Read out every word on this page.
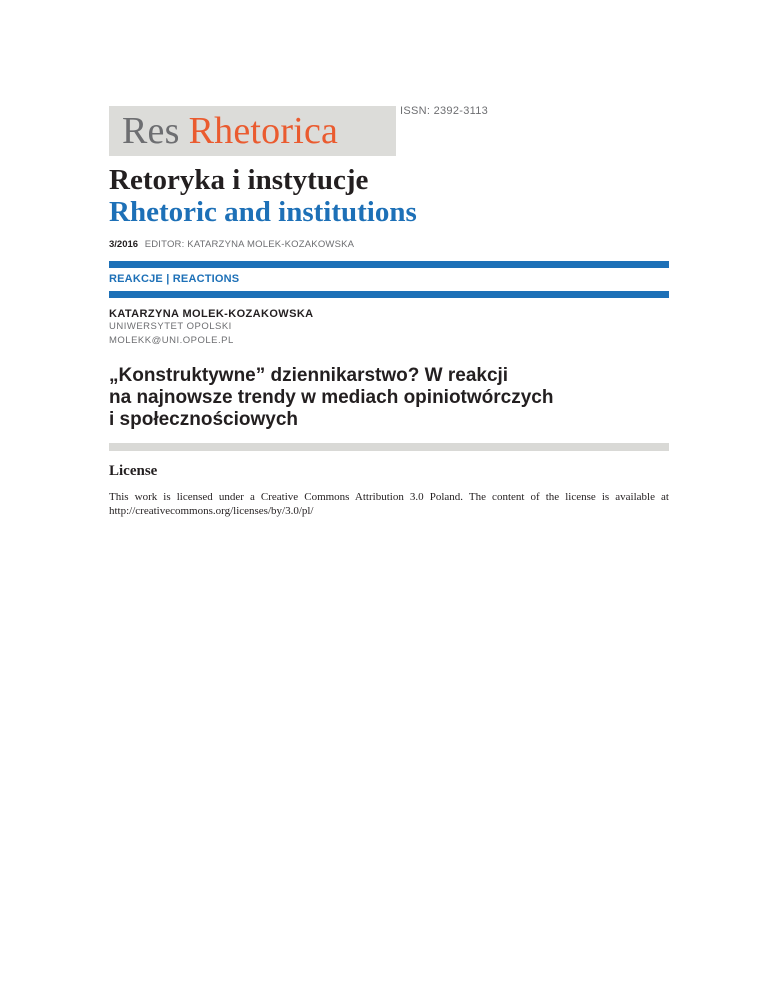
Res Rhetorica	ISSN: 2392-3113
Retoryka i instytucje
Rhetoric and institutions
3/2016 EDITOR: KATARZYNA MOLEK-KOZAKOWSKA
REAKCJE | REACTIONS
KATARZYNA MOLEK-KOZAKOWSKA
UNIWERSYTET OPOLSKI
MOLEKK@UNI.OPOLE.PL
„Konstruktywne” dziennikarstwo? W reakcji
na najnowsze trendy w mediach opiniotwórczych
i społecznościowych
License
This work is licensed under a Creative Commons Attribution 3.0 Poland. The content of the license is available at http://creativecommons.org/licenses/by/3.0/pl/
